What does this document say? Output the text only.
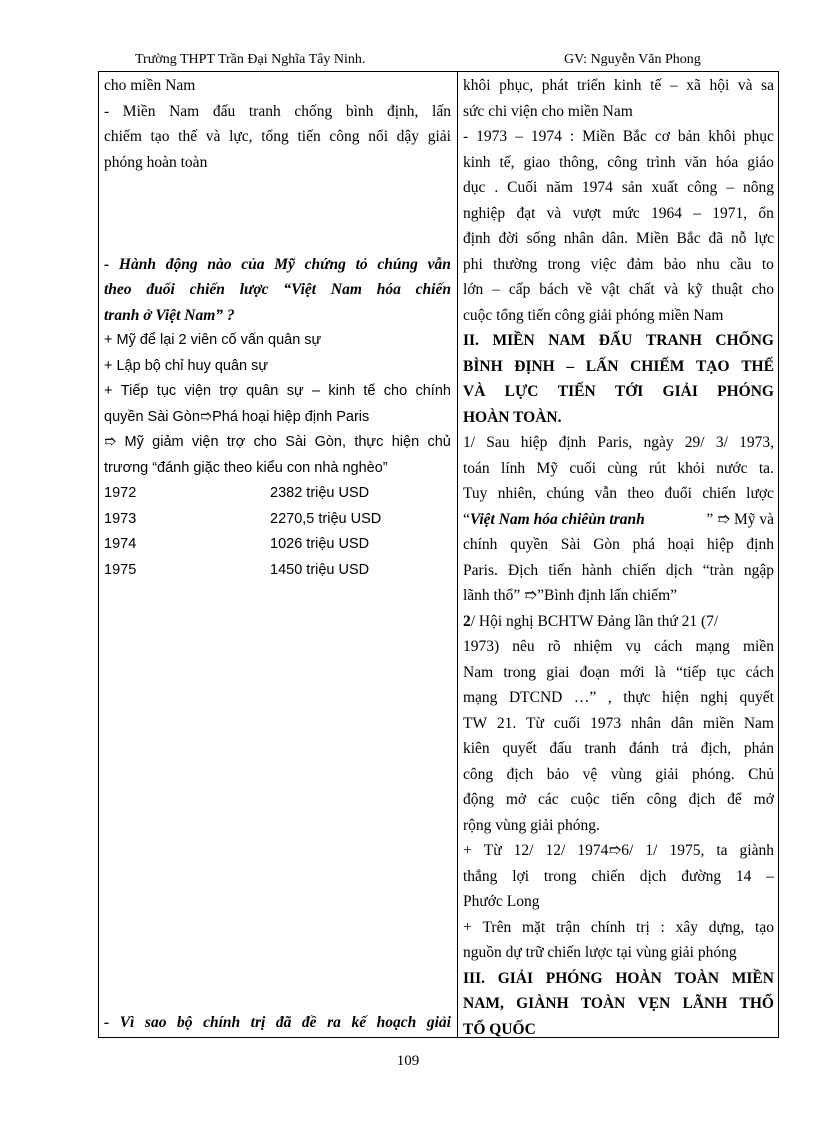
Trường THPT Trần Đại Nghĩa Tây Ninh.	GV: Nguyễn Văn Phong
cho miền Nam
- Miền Nam đấu tranh chống bình định, lấn
chiếm tạo thế và lực, tổng tiến công nổi dậy giải
phóng hoàn toàn
- Hành động nào của Mỹ chứng tỏ chúng vẫn
theo đuổi chiến lược “Việt Nam hóa chiến
tranh ở Việt Nam” ?
+ Mỹ để lại 2 viên cố vấn quân sự
+ Lập bộ chỉ huy quân sự
+ Tiếp tục viện trợ quân sự – kinh tế cho chính
quyền Sài Gòn➱Phá hoại hiệp định Paris
➱ Mỹ giảm viện trợ cho Sài Gòn, thực hiện chủ
trương “đánh giặc theo kiểu con nhà nghèo”
1972	2382 triệu USD
1973	2270,5 triệu USD
1974	1026 triệu USD
1975	1450 triệu USD
- Vì sao bộ chính trị đã đề ra kế hoạch giải
khôi phục, phát triển kinh tế – xã hội và sa
sức chi viện cho miền Nam
- 1973 – 1974 : Miền Bắc cơ bản khôi phục
kinh tế, giao thông, công trình văn hóa giáo
dục . Cuối năm 1974 sản xuất công – nông
nghiệp đạt và vượt mức 1964 – 1971, ổn
định đời sống nhân dân. Miền Bắc đã nỗ lực
phi thường trong việc đảm bảo nhu cầu to
lớn – cấp bách về vật chất và kỹ thuật cho
cuộc tổng tiến công giải phóng miền Nam
II. MIỀN NAM ĐẤU TRANH CHỐNG
BÌNH ĐỊNH – LẤN CHIẾM TẠO THẾ
VÀ LỰC TIẾN TỚI GIẢI PHÓNG
HOÀN TOÀN.
1/ Sau hiệp định Paris, ngày 29/ 3/ 1973,
toán lính Mỹ cuối cùng rút khỏi nước ta.
Tuy nhiên, chúng vẫn theo đuổi chiến lược
“Việt Nam hóa chiêùn tranh	” ➱ Mỹ và
chính quyền Sài Gòn phá hoại hiệp định
Paris. Địch tiến hành chiến dịch “tràn ngập
lãnh thổ” ➱”Bình định lấn chiếm”
2/ Hội nghị BCHTW Đảng lần thứ 21 (7/
1973) nêu rõ nhiệm vụ cách mạng miền
Nam trong giai đoạn mới là “tiếp tục cách
mạng DTCND …” , thực hiện nghị quyết
TW 21. Từ cuối 1973 nhân dân miền Nam
kiên quyết đấu tranh đánh trả địch, phản
công địch bảo vệ vùng giải phóng. Chủ
động mở các cuộc tiến công địch để mở
rộng vùng giải phóng.
+ Từ 12/ 12/ 1974➱6/ 1/ 1975, ta giành
thắng lợi trong chiến dịch đường 14 –
Phước Long
+ Trên mặt trận chính trị : xây dựng, tạo
nguồn dự trữ chiến lược tại vùng giải phóng
III. GIẢI PHÓNG HOÀN TOÀN MIỀN
NAM, GIÀNH TOÀN VẸN LÃNH THỔ
TỔ QUỐC
109
